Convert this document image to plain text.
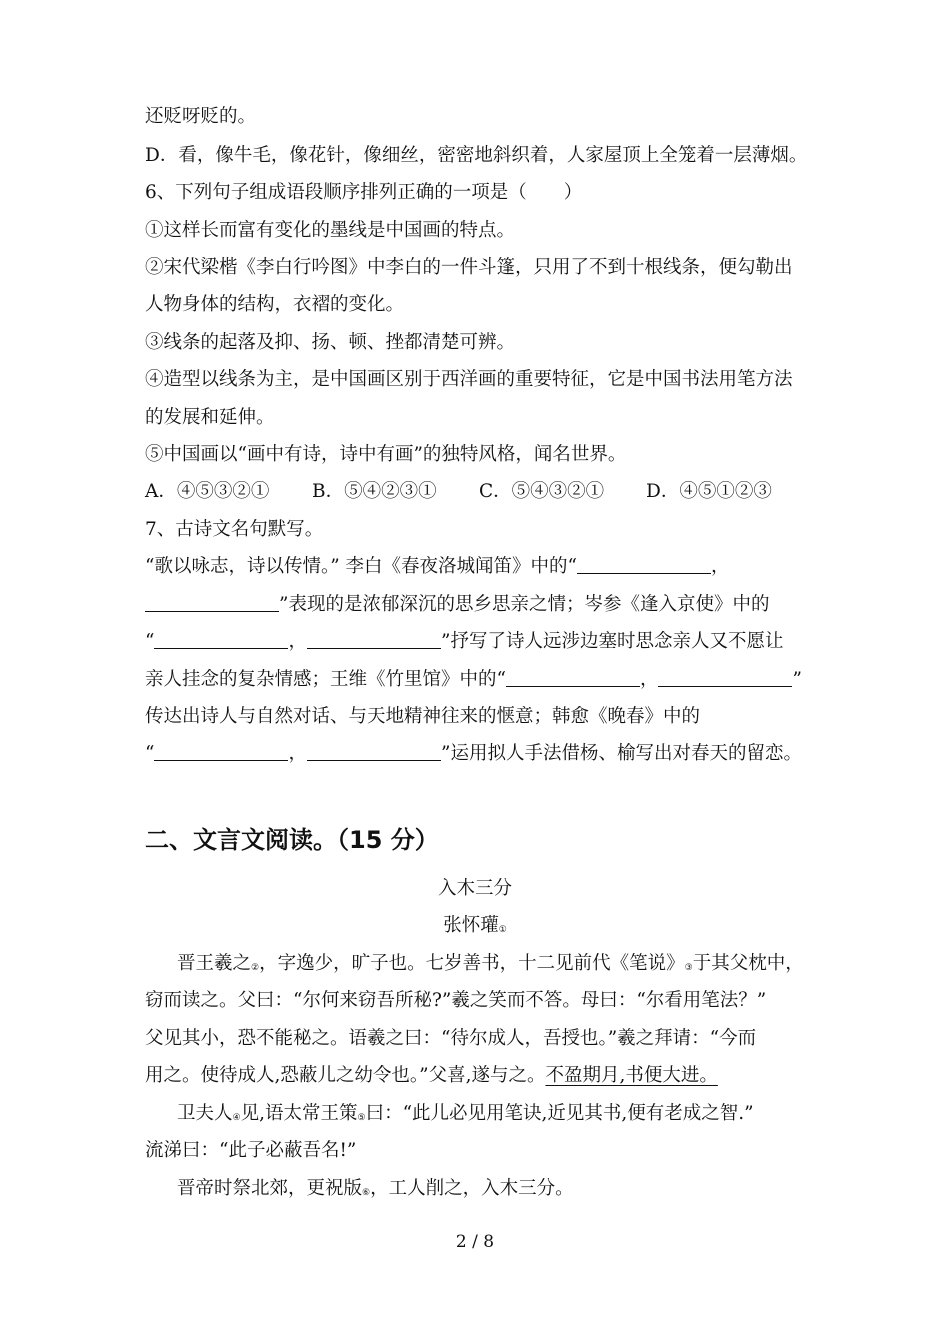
还贬呀贬的。
D．看，像牛毛，像花针，像细丝，密密地斜织着，人家屋顶上全笼着一层薄烟。
6、下列句子组成语段顺序排列正确的一项是（　　）
①这样长而富有变化的墨线是中国画的特点。
②宋代梁楷《李白行吟图》中李白的一件斗篷，只用了不到十根线条，便勾勒出
人物身体的结构，衣褶的变化。
③线条的起落及抑、扬、顿、挫都清楚可辨。
④造型以线条为主，是中国画区别于西洋画的重要特征，它是中国书法用笔方法
的发展和延伸。
⑤中国画以“画中有诗，诗中有画”的独特风格，闻名世界。
A．④⑤③②① B．⑤④②③① C．⑤④③②① D．④⑤①②③
7、古诗文名句默写。
“歌以咏志，诗以传情。” 李白《春夜洛城闻笛》中的“	，
”表现的是浓郁深沉的思乡思亲之情；岑参《逢入京使》中的
“	，	”抒写了诗人远涉边塞时思念亲人又不愿让
亲人挂念的复杂情感；王维《竹里馆》中的“	，	”
传达出诗人与自然对话、与天地精神往来的惬意；韩愈《晚春》中的
“	，	”运用拟人手法借杨、榆写出对春天的留恋。
二、文言文阅读。（15 分）
入木三分
张怀瓘①
晋王羲之②，字逸少，旷子也。七岁善书，十二见前代《笔说》③于其父枕中，
窃而读之。父曰：“尔何来窃吾所秘?”羲之笑而不答。母曰：“尔看用笔法？”
父见其小，恐不能秘之。语羲之曰：“待尔成人，吾授也。”羲之拜请：“今而
用之。使待成人,恐蔽儿之幼令也。”父喜,遂与之。不盈期月,书便大进。
卫夫人④见,语太常王策⑤曰：“此儿必见用笔诀,近见其书,便有老成之智.”
流涕曰：“此子必蔽吾名!”
晋帝时祭北郊，更祝版⑥，工人削之，入木三分。
2 / 8
